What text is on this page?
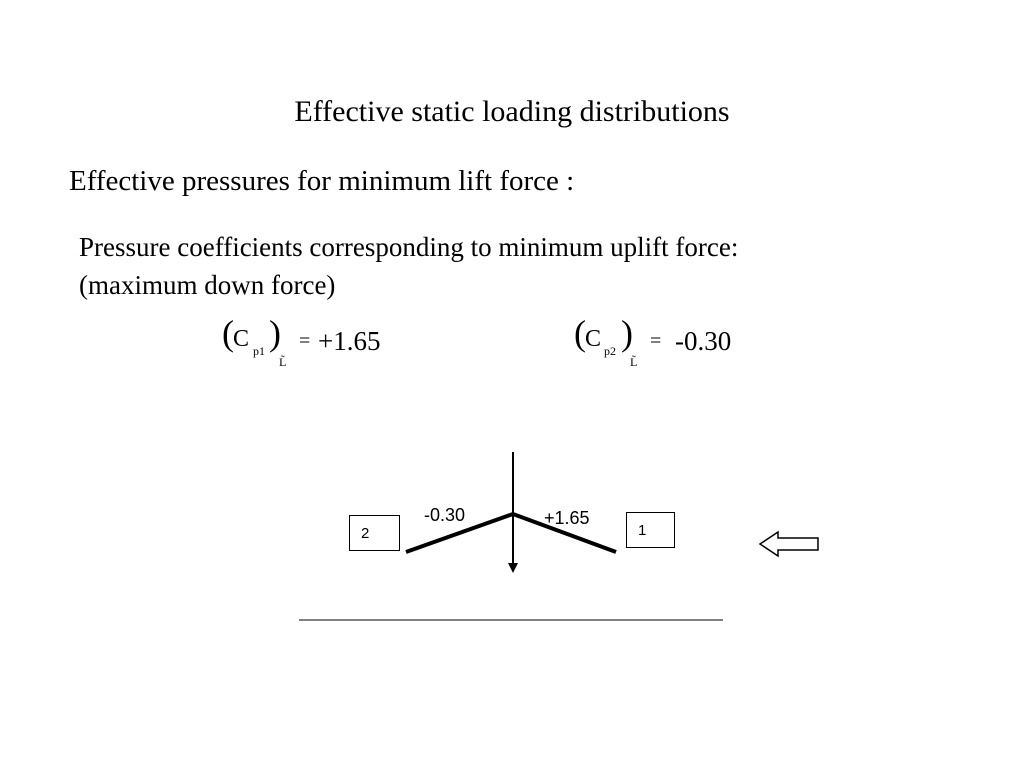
Effective static loading distributions
Effective pressures for minimum lift force :
Pressure coefficients corresponding to minimum uplift force:
(maximum down force)
( C p1 )
L̃
= +1.65	( C p2 )
L̃
= -0.30
2	1
-0.30	+1.65
